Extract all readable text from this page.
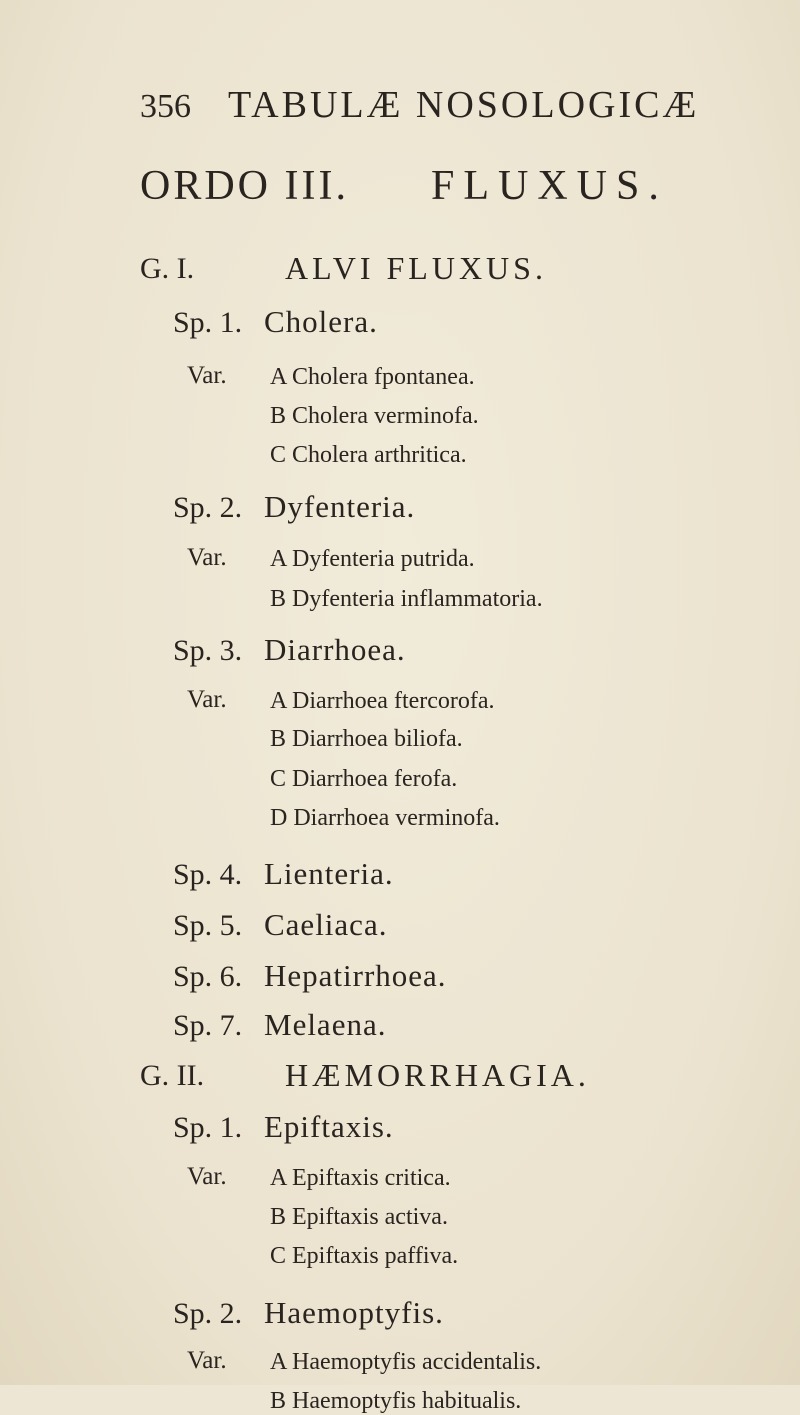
356 TABULÆ NOSOLOGICÆ
ORDO III. FLUXUS.
G. I.	ALVI FLUXUS.
Sp. 1. Cholera.
Var. A Cholera fpontanea.
B Cholera verminofa.
C Cholera arthritica.
Sp. 2. Dyfenteria.
Var. A Dyfenteria putrida.
B Dyfenteria inflammatoria.
Sp. 3. Diarrhoea.
Var. A Diarrhoea ftercorofa.
B Diarrhoea biliofa.
C Diarrhoea ferofa.
D Diarrhoea verminofa.
Sp. 4. Lienteria.
Sp. 5. Caeliaca.
Sp. 6. Hepatirrhoea.
Sp. 7. Melaena.
G. II.	HÆMORRHAGIA.
Sp. 1. Epiftaxis.
Var. A Epiftaxis critica.
B Epiftaxis activa.
C Epiftaxis paffiva.
Sp. 2. Haemoptyfis.
Var. A Haemoptyfis accidentalis.
B Haemoptyfis habitualis.
